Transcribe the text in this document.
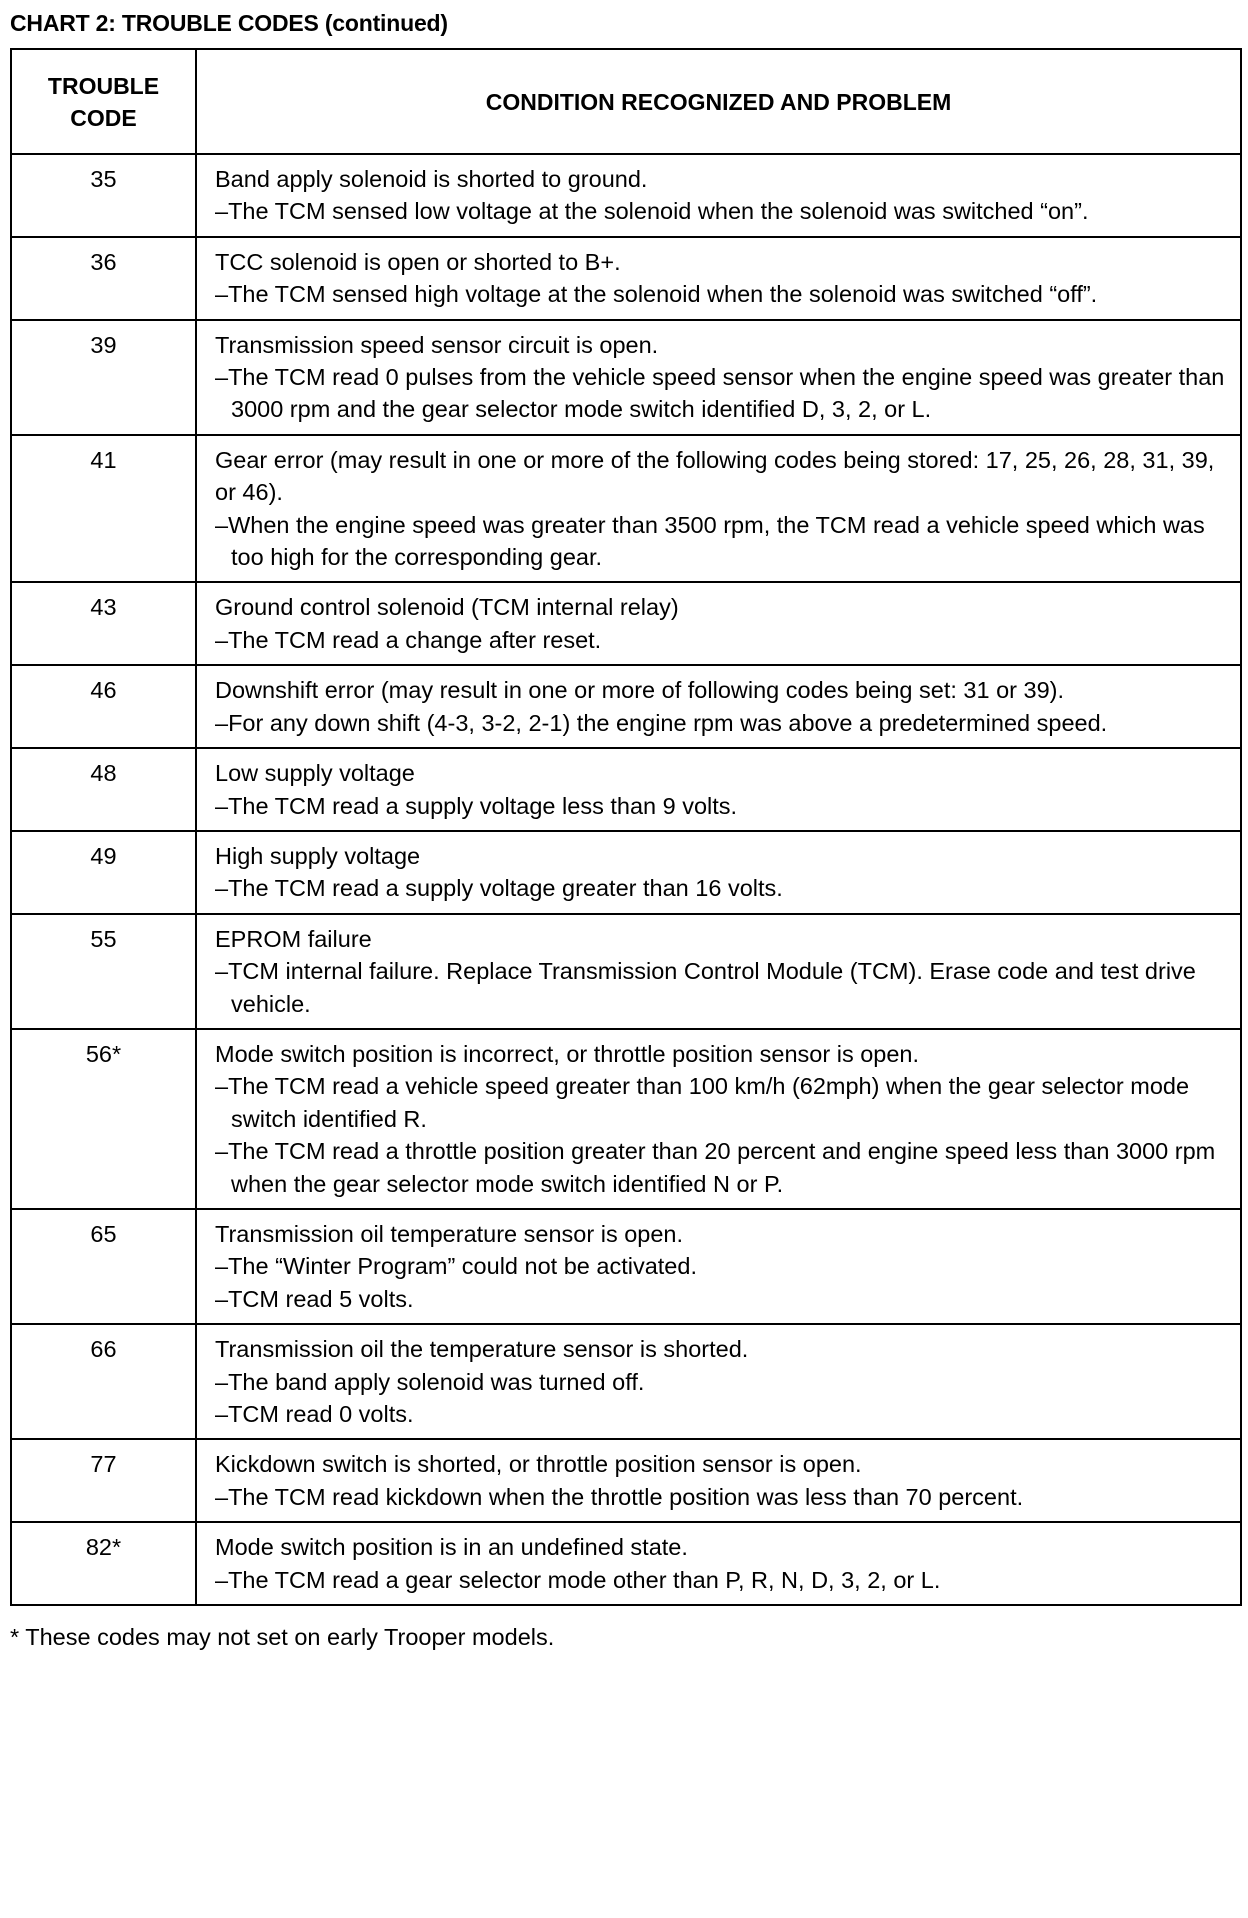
CHART 2: TROUBLE CODES (continued)
TROUBLE
CODE	CONDITION RECOGNIZED AND PROBLEM
35	Band apply solenoid is shorted to ground.
–The TCM sensed low voltage at the solenoid when the solenoid was switched “on”.

36	TCC solenoid is open or shorted to B+.
–The TCM sensed high voltage at the solenoid when the solenoid was switched “off”.

39	Transmission speed sensor circuit is open.
–The TCM read 0 pulses from the vehicle speed sensor when the engine speed was greater than 3000 rpm and the gear selector mode switch identified D, 3, 2, or L.

41	Gear error (may result in one or more of the following codes being stored: 17, 25, 26, 28, 31, 39, or 46).
–When the engine speed was greater than 3500 rpm, the TCM read a vehicle speed which was too high for the corresponding gear.

43	Ground control solenoid (TCM internal relay)
–The TCM read a change after reset.

46	Downshift error (may result in one or more of following codes being set: 31 or 39).
–For any down shift (4-3, 3-2, 2-1) the engine rpm was above a predetermined speed.

48	Low supply voltage
–The TCM read a supply voltage less than 9 volts.

49	High supply voltage
–The TCM read a supply voltage greater than 16 volts.

55	EPROM failure
–TCM internal failure. Replace Transmission Control Module (TCM). Erase code and test drive vehicle.

56*	Mode switch position is incorrect, or throttle position sensor is open.
–The TCM read a vehicle speed greater than 100 km/h (62mph) when the gear selector mode switch identified R.
–The TCM read a throttle position greater than 20 percent and engine speed less than 3000 rpm when the gear selector mode switch identified N or P.

65	Transmission oil temperature sensor is open.
–The “Winter Program” could not be activated.
–TCM read 5 volts.

66	Transmission oil the temperature sensor is shorted.
–The band apply solenoid was turned off.
–TCM read 0 volts.

77	Kickdown switch is shorted, or throttle position sensor is open.
–The TCM read kickdown when the throttle position was less than 70 percent.

82*	Mode switch position is in an undefined state.
–The TCM read a gear selector mode other than P, R, N, D, 3, 2, or L.
* These codes may not set on early Trooper models.
